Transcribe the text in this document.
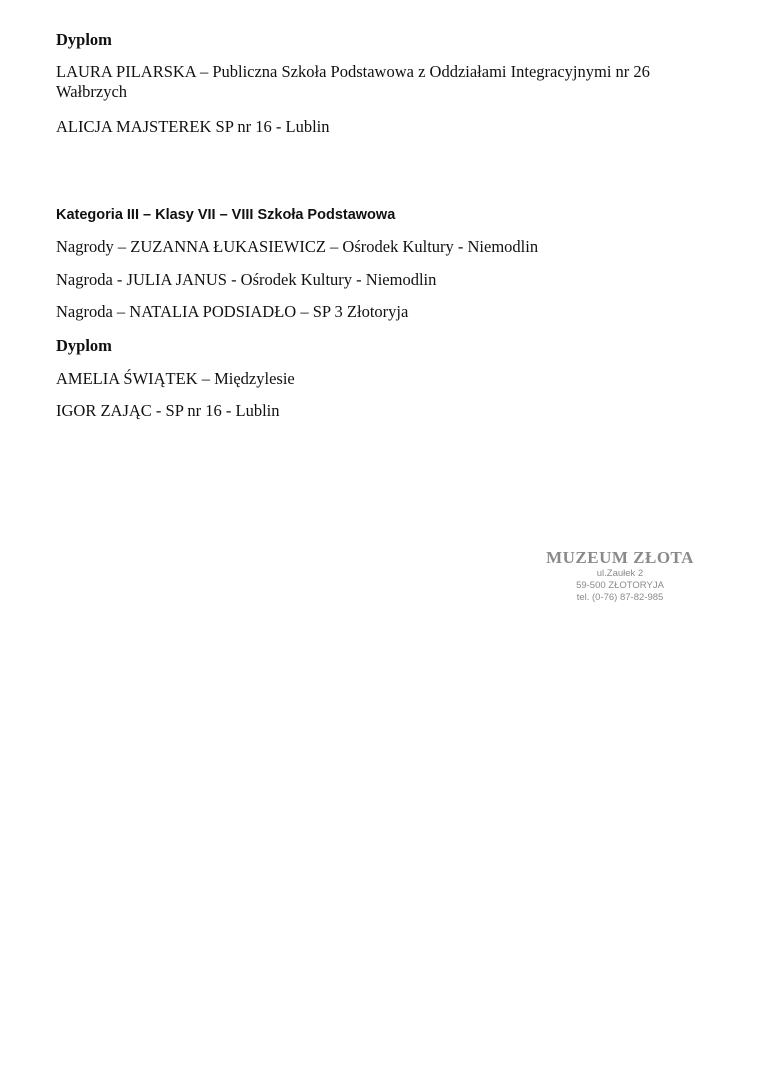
Dyplom
LAURA PILARSKA – Publiczna Szkoła Podstawowa z Oddziałami Integracyjnymi nr 26
Wałbrzych
ALICJA MAJSTEREK SP nr 16 - Lublin
Kategoria III – Klasy VII – VIII Szkoła Podstawowa
Nagrody – ZUZANNA ŁUKASIEWICZ – Ośrodek Kultury - Niemodlin
Nagroda - JULIA JANUS - Ośrodek Kultury - Niemodlin
Nagroda – NATALIA PODSIADŁO – SP 3 Złotoryja
Dyplom
AMELIA ŚWIĄTEK – Międzylesie
IGOR ZAJĄC - SP nr 16 - Lublin
MUZEUM ZŁOTA
ul.Zaułek 2
59-500 ZŁOTORYJA
tel. (0-76) 87-82-985
